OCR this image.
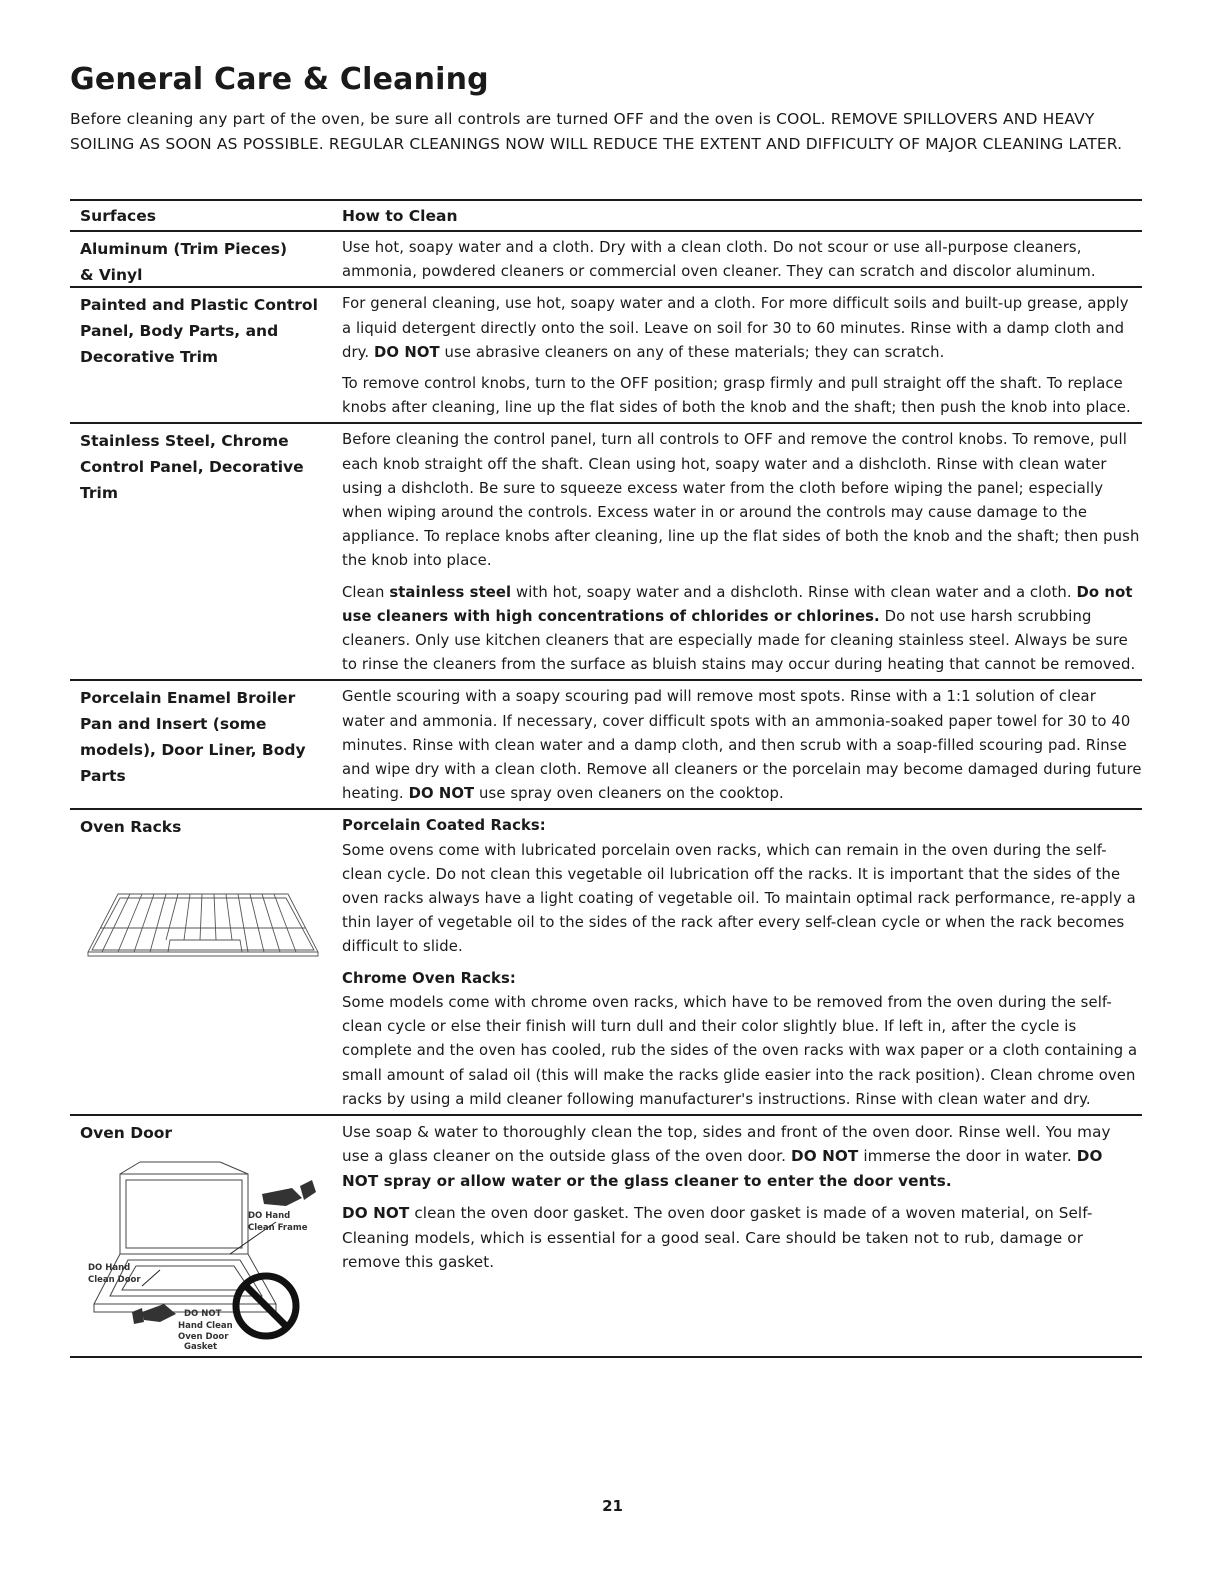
General Care & Cleaning
Before cleaning any part of the oven, be sure all controls are turned OFF and the oven is COOL. REMOVE SPILLOVERS AND HEAVY SOILING AS SOON AS POSSIBLE. REGULAR CLEANINGS NOW WILL REDUCE THE EXTENT AND DIFFICULTY OF MAJOR CLEANING LATER.
Surfaces	How to Clean
Aluminum (Trim Pieces)
& Vinyl

Use hot, soapy water and a cloth. Dry with a clean cloth. Do not scour or use all-purpose cleaners, ammonia, powdered cleaners or commercial oven cleaner. They can scratch and discolor aluminum.

Painted and Plastic Control Panel, Body Parts, and Decorative Trim

For general cleaning, use hot, soapy water and a cloth. For more difficult soils and built-up grease, apply a liquid detergent directly onto the soil. Leave on soil for 30 to 60 minutes. Rinse with a damp cloth and dry. DO NOT use abrasive cleaners on any of these materials; they can scratch.

To remove control knobs, turn to the OFF position; grasp firmly and pull straight off the shaft. To replace knobs after cleaning, line up the flat sides of both the knob and the shaft; then push the knob into place.

Stainless Steel, Chrome Control Panel, Decorative Trim

Before cleaning the control panel, turn all controls to OFF and remove the control knobs. To remove, pull each knob straight off the shaft. Clean using hot, soapy water and a dishcloth. Rinse with clean water using a dishcloth. Be sure to squeeze excess water from the cloth before wiping the panel; especially when wiping around the controls. Excess water in or around the controls may cause damage to the appliance. To replace knobs after cleaning, line up the flat sides of both the knob and the shaft; then push the knob into place.

Clean stainless steel with hot, soapy water and a dishcloth. Rinse with clean water and a cloth. Do not use cleaners with high concentrations of chlorides or chlorines. Do not use harsh scrubbing cleaners. Only use kitchen cleaners that are especially made for cleaning stainless steel. Always be sure to rinse the cleaners from the surface as bluish stains may occur during heating that cannot be removed.

Porcelain Enamel Broiler Pan and Insert (some models), Door Liner, Body Parts

Gentle scouring with a soapy scouring pad will remove most spots. Rinse with a 1:1 solution of clear water and ammonia. If necessary, cover difficult spots with an ammonia-soaked paper towel for 30 to 40 minutes. Rinse with clean water and a damp cloth, and then scrub with a soap-filled scouring pad. Rinse and wipe dry with a clean cloth. Remove all cleaners or the porcelain may become damaged during future heating. DO NOT use spray oven cleaners on the cooktop.

Oven Racks	Porcelain Coated Racks:

Some ovens come with lubricated porcelain oven racks, which can remain in the oven during the self-clean cycle. Do not clean this vegetable oil lubrication off the racks. It is important that the sides of the oven racks always have a light coating of vegetable oil. To maintain optimal rack performance, re-apply a thin layer of vegetable oil to the sides of the rack after every self-clean cycle or when the rack becomes difficult to slide.

Chrome Oven Racks:

Some models come with chrome oven racks, which have to be removed from the oven during the self-clean cycle or else their finish will turn dull and their color slightly blue. If left in, after the cycle is complete and the oven has cooled, rub the sides of the oven racks with wax paper or a cloth containing a small amount of salad oil (this will make the racks glide easier into the rack position). Clean chrome oven racks by using a mild cleaner following manufacturer's instructions. Rinse with clean water and dry.

Oven Door
DO Hand
Clean Frame
DO Hand
Clean Door
DO NOT
Hand Clean
Oven Door
Gasket

Use soap & water to thoroughly clean the top, sides and front of the oven door. Rinse well. You may use a glass cleaner on the outside glass of the oven door. DO NOT immerse the door in water. DO NOT spray or allow water or the glass cleaner to enter the door vents.

DO NOT clean the oven door gasket. The oven door gasket is made of a woven material, on Self-Cleaning models, which is essential for a good seal. Care should be taken not to rub, damage or remove this gasket.

21
